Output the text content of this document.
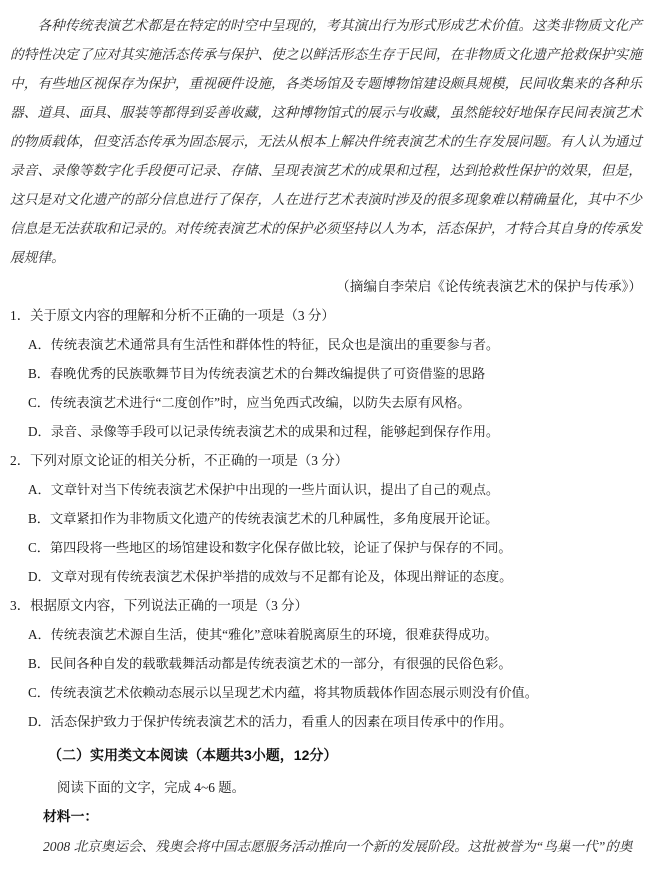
各种传统表演艺术都是在特定的时空中呈现的，考其演出行为形式形成艺术价值。这类非物质文化产的特性决定了应对其实施活态传承与保护、使之以鲜活形态生存于民间，在非物质文化遗产抢救保护实施中，有些地区视保存为保护，重视硬件设施，各类场馆及专题博物馆建设颇具规模，民间收集来的各种乐器、道具、面具、服装等都得到妥善收藏，这种博物馆式的展示与收藏，虽然能较好地保存民间表演艺术的物质载体，但变活态传承为固态展示，无法从根本上解决件统表演艺术的生存发展问题。有人认为通过录音、录像等数字化手段便可记录、存储、呈现表演艺术的成果和过程，达到抢救性保护的效果，但是，这只是对文化遗产的部分信息进行了保存，人在进行艺术表演时涉及的很多现象难以精确量化，其中不少信息是无法获取和记录的。对传统表演艺术的保护必须坚持以人为本，活态保护，才特合其自身的传承发展规律。
（摘编自李荣启《论传统表演艺术的保护与传承》）
1．关于原文内容的理解和分析不正确的一项是（3 分）
A．传统表演艺术通常具有生活性和群体性的特征，民众也是演出的重要参与者。
B．春晚优秀的民族歌舞节目为传统表演艺术的台舞改编提供了可资借鉴的思路
C．传统表演艺术进行“二度创作”时，应当免西式改编，以防失去原有风格。
D．录音、录像等手段可以记录传统表演艺术的成果和过程，能够起到保存作用。
2．下列对原文论证的相关分析，不正确的一项是（3 分）
A．文章针对当下传统表演艺术保护中出现的一些片面认识，提出了自己的观点。
B．文章紧扣作为非物质文化遗产的传统表演艺术的几种属性，多角度展开论证。
C．第四段将一些地区的场馆建设和数字化保存做比较，论证了保护与保存的不同。
D．文章对现有传统表演艺术保护举措的成效与不足都有论及，体现出辩证的态度。
3．根据原文内容，下列说法正确的一项是（3 分）
A．传统表演艺术源自生活，使其“雅化”意味着脱离原生的环境，很难获得成功。
B．民间各种自发的载歌载舞活动都是传统表演艺术的一部分，有很强的民俗色彩。
C．传统表演艺术依赖动态展示以呈现艺术内蕴，将其物质载体作固态展示则没有价值。
D．活态保护致力于保护传统表演艺术的活力，看重人的因素在项目传承中的作用。
（二）实用类文本阅读（本题共3小题，12分）
阅读下面的文字，完成 4~6 题。
材料一：
2008 北京奥运会、残奥会将中国志愿服务活动推向一个新的发展阶段。这批被誉为“鸟巢一代”的奥
